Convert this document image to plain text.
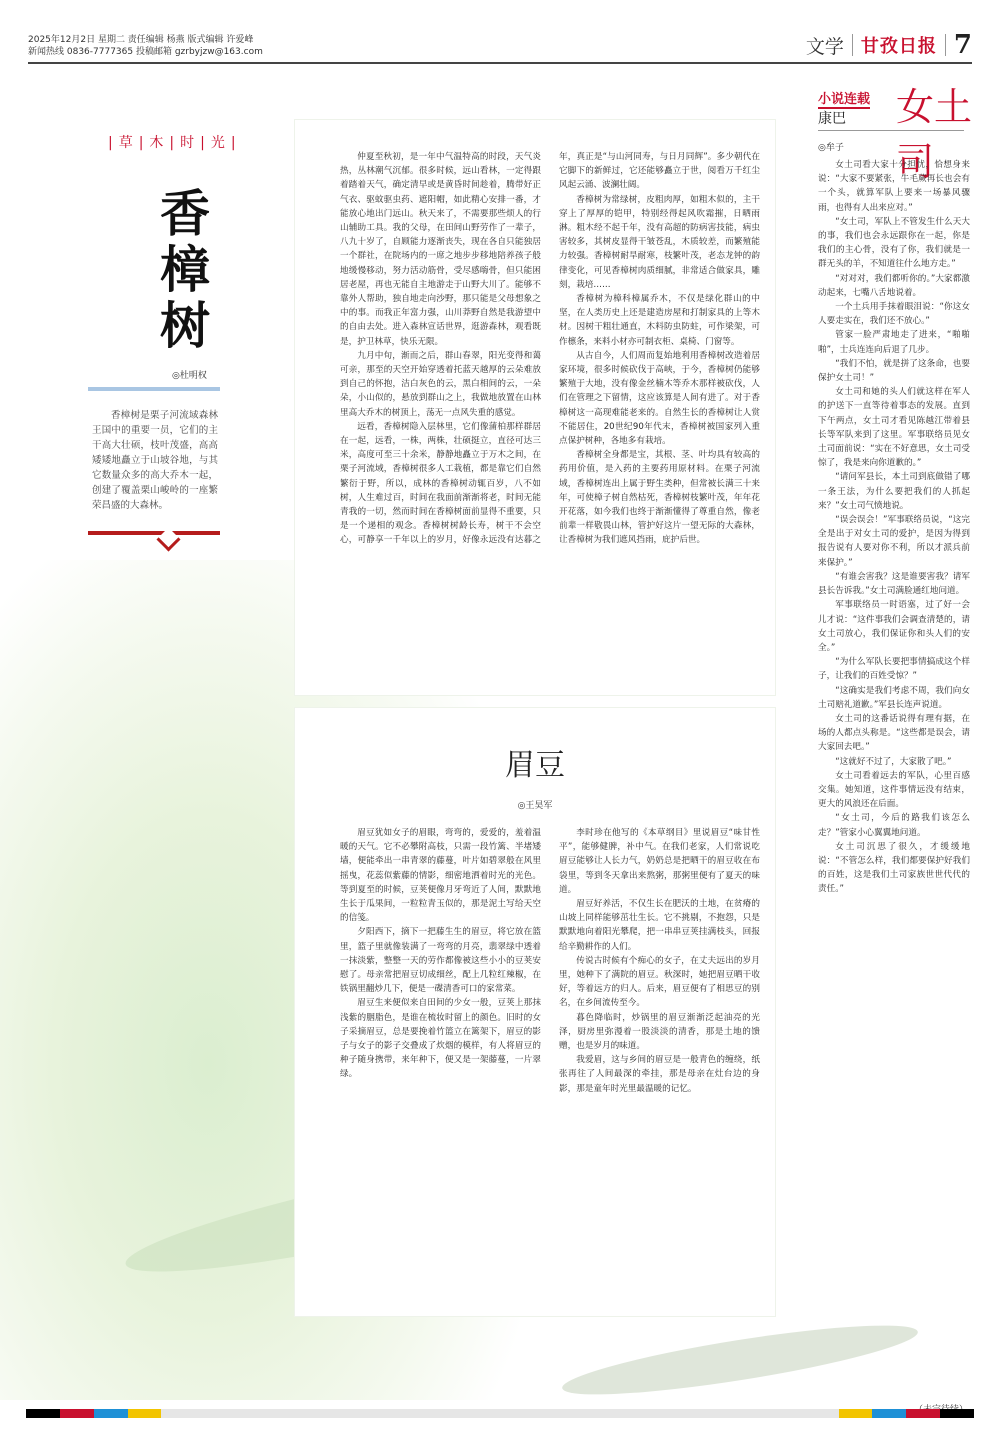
2025年12月2日 星期二 责任编辑 杨燕 版式编辑 许爱峰
新闻热线 0836-7777365 投稿邮箱 gzrbyjzw@163.com	文学 甘孜日报 7
|草|木|时|光|
香樟树
◎杜明权
香樟树是栗子河流域森林王国中的重要一员，它们的主干高大壮硕，枝叶茂盛，高高矮矮地矗立于山坡谷地，与其它数量众多的高大乔木一起，创建了覆盖栗山峻岭的一座繁荣昌盛的大森林。

仲夏至秋初，是一年中气温特高的时段，天气炎热，丛林潮气沉郁。很多时候，远山看林，一定得跟着踏着天气，确定清早或是黄昏时间趁着，腾带好正气衣、驱蚊驱虫药、遮阳帽，如此精心安排一番，才能放心地出门远山。秋天来了，不需要那些烦人的行山辅助工具。我的父母，在田间山野劳作了一辈子，八九十岁了，自顾能力逐渐丧失，现在各自只能独居一个群社，在院场内的一席之地步步移地陪养孩子般地缓慢移动，努力活动筋骨，受尽感嗨骨，但只能困居老屋，再也无能自主地游走于山野大川了。能够不靠外人帮助，独自地走向沙野，那只能是父母想象之中的事。而我正年富力强，山川莽野自然是我游望中的自由去处。进入森林宣话世界，逛游森林，观看既是，护卫林草，快乐无限。

九月中旬，渐而之后，群山春翠，阳光变得和蔼可亲，那至的天空开始穿透着托蓝天越厚的云朵难放到自己的怀抱，洁白灰色的云，黑白相间的云，一朵朵，小山似的，悬放到群山之上，我做地放置在山林里高大乔木的树顶上，荡无一点风失重的感觉。

远看，香樟树隐入层林里，它们像蒲柏那样群居在一起，远看，一株，两株，壮硕挺立，直径可达三米，高度可至三十余米，静静地矗立于万木之间，在栗子河流域，香樟树很多人工栽植，都是靠它们自然繁衍于野，所以，成林的香樟树动辄百岁，八不如树，人生难过百，时间在我面前渐渐将老，时间无能青我的一切，然而时间在香樟树面前显得不重要，只是一个递相的观念。香樟树树龄长寿，树干不会空心，可静享一千年以上的岁月，好像永远没有达暮之年，真正是“与山河同寿，与日月同辉”。多少朝代在它脚下的新鲜过，它还能够矗立于世，阅看万千红尘风起云涌、波澜壮阔。

香樟树为常绿树，皮粗肉厚，如粗木似的，主干穿上了厚厚的铠甲，特别经得起风吹霜摧，日晒雨淋。粗木经不起千年，没有高超的防病害技能，病虫害较多，其树皮显得干皱苍乱，木质较差，而繁殖能力较强。香樟树耐旱耐寒，枝繁叶茂，老态龙钟的韵律变化，可见香樟树肉质细腻，非常适合做家具，雕刻，栽培……

香樟树为樟科樟属乔木，不仅是绿化群山的中坚，在人类历史上还是建造房屋和打制家具的上等木材。因树干粗壮通直，木料防虫防蛀，可作梁架，可作檩条，来料小材亦可制衣柜、桌椅、门窗等。

从古自今，人们周而复始地利用香樟树改造着居家环境，很多时候砍伐于高峡，于今，香樟树仍能够繁殖于大地，没有像金丝楠木等乔木那样被砍伐，人们在管理之下留情，这应该算是人间有进了。对于香樟树这一高现难能老来的。自然生长的香樟树让人赏不能居住，20世纪90年代末，香樟树被国家列入重点保护树种，各地多有栽培。

香樟树全身都是宝，其根、茎、叶均具有较高的药用价值，是入药的主要药用原材料。在栗子河流域，香樟树连出上属于野生类种，但常被长满三十来年，可使樟子树自然枯死，香樟树枝繁叶茂，年年花开花落，如今我们也终于渐渐懂得了尊重自然，像老前辈一样敬畏山林，管护好这片一望无际的大森林，让香樟树为我们遮风挡雨，庇护后世。

眉豆
◎王昊军

眉豆犹如女子的眉眼，弯弯的，爱爱的，羞着温暖的天气。它不必攀附高枝，只需一段竹篱、半堵矮墙，便能牵出一串青翠的藤蔓，叶片如碧翠般在风里摇曳，花蕊似紫藤的情影，细密地洒着时光的光色。等到夏至的时候，豆荚便像月牙弯近了人间，默默地生长于瓜果间，一粒粒青玉似的，那是泥土写给天空的信笺。

夕阳西下，摘下一把藤生生的眉豆，将它放在篮里，篮子里就像装满了一弯弯的月亮，翡翠绿中透着一抹淡紫，整整一天的劳作都像被这些小小的豆荚安慰了。母亲常把眉豆切成细丝，配上几粒红辣椒，在铁锅里翻炒几下，便是一碟清香可口的家常菜。

眉豆生来便似来自田间的少女一般，豆荚上那抹浅紫的胭脂色，是谁在梳妆时留上的颜色。旧时的女子采摘眉豆，总是要挽着竹篮立在篱架下，眉豆的影子与女子的影子交叠成了炊烟的模样，有人将眉豆的种子随身携带，来年种下，便又是一架藤蔓，一片翠绿。

李时珍在他写的《本草纲目》里说眉豆“味甘性平”，能够健脾，补中气。在我们老家，人们常说吃眉豆能够让人长力气，奶奶总是把晒干的眉豆收在布袋里，等到冬天拿出来熬粥，那粥里便有了夏天的味道。

眉豆好养活，不仅生长在肥沃的土地，在贫瘠的山坡上同样能够茁壮生长。它不挑剔，不抱怨，只是默默地向着阳光攀爬，把一串串豆荚挂满枝头，回报给辛勤耕作的人们。

传说古时候有个痴心的女子，在丈夫远出的岁月里，她种下了满院的眉豆。秋深时，她把眉豆晒干收好，等着远方的归人。后来，眉豆便有了相思豆的别名，在乡间流传至今。

暮色降临时，炒锅里的眉豆渐渐泛起油亮的光泽，厨房里弥漫着一股淡淡的清香，那是土地的馈赠，也是岁月的味道。

我爱眉，这与乡间的眉豆是一般青色的缠绕，纸张再往了人间最深的牵挂，那是母亲在灶台边的身影，那是童年时光里最温暖的记忆。

小说连载 女土司
康巴
◎牟子

女土司看大家十分担忧，恰想身来说：“大家不要紧张，牛毛蕨再长也会有一个头，就算军队上要来一场暴风骤雨，也得有人出来应对。”

“女土司，军队上不管发生什么天大的事，我们也会永远跟你在一起，你是我们的主心骨，没有了你，我们就是一群无头的羊，不知道往什么地方走。”

“对对对，我们都听你的。”大家都激动起来，七嘴八舌地说着。

一个土兵用手抹着眼泪说：“你这女人要走实在，我们还不放心。”

管家一脸严肃地走了进来，“啪啪啪”，士兵连连向后退了几步。

“我们不怕，就是拼了这条命，也要保护女土司！”

女土司和她的头人们就这样在军人的护送下一直等待着事态的发展。直到下午两点，女土司才看见陈越江带着县长等军队来到了这里。军事联络员见女土司面前说：“实在不好意思，女土司受惊了，我是来向你道歉的。”

“请问军县长，本土司到底做错了哪一条王法，为什么要把我们的人抓起来？”女土司气愤地说。

“误会误会！”军事联络员说，“这完全是出于对女土司的爱护，是因为得到报告说有人要对你不利，所以才派兵前来保护。”

“有谁会害我？这是谁要害我？请军县长告诉我。”女土司满脸通红地问道。

军事联络员一时语塞，过了好一会儿才说：“这件事我们会调查清楚的，请女土司放心，我们保证你和头人们的安全。”

“为什么军队长要把事情搞成这个样子，让我们的百姓受惊？”

“这确实是我们考虑不周，我们向女土司赔礼道歉。”军县长连声说道。

女土司的这番话说得有理有据，在场的人都点头称是。“这些都是误会，请大家回去吧。”

“这就好不过了，大家散了吧。”

女土司看着远去的军队，心里百感交集。她知道，这件事情远没有结束，更大的风浪还在后面。

“女土司，今后的路我们该怎么走？”管家小心翼翼地问道。

女土司沉思了很久，才缓缓地说：“不管怎么样，我们都要保护好我们的百姓，这是我们土司家族世世代代的责任。”
